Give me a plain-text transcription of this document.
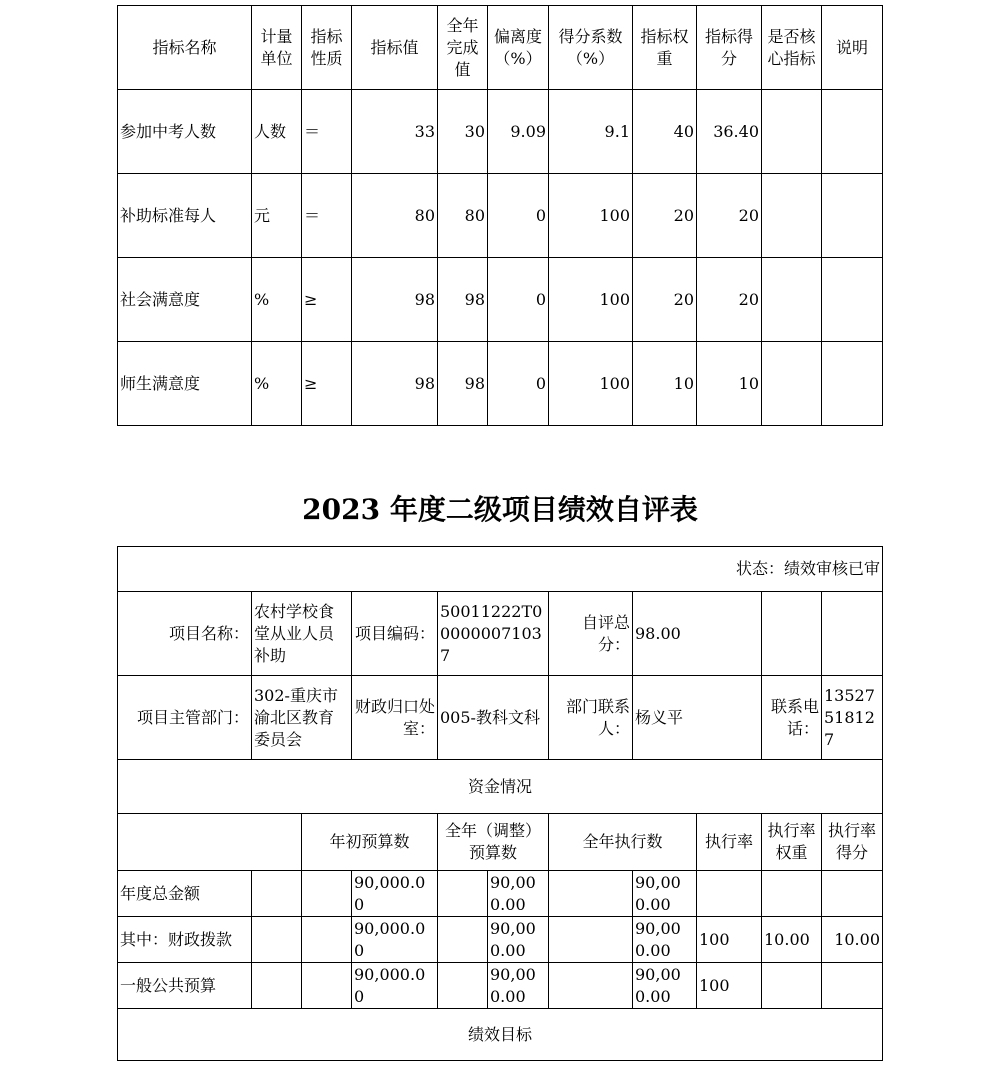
指标名称	计量单位	指标性质	指标值	全年完成值	偏离度（%）	得分系数（%）	指标权重	指标得分	是否核心指标	说明
参加中考人数	人数	＝	33	30	9.09	9.1	40	36.40		
补助标准每人	元	＝	80	80	0	100	20	20		
社会满意度	%	≥	98	98	0	100	20	20		
师生满意度	%	≥	98	98	0	100	10	10		
2023 年度二级项目绩效自评表
状态：绩效审核已审										
项目名称：	农村学校食堂从业人员补助		项目编码：	50011222T000000071037		自评总分：	98.00			
项目主管部门：	302-重庆市渝北区教育委员会		财政归口处室：	005-教科文科		部门联系人：	杨义平		联系电话：	13527518127
资金情况										
		年初预算数		全年（调整）预算数		全年执行数		执行率	执行率权重	执行率得分
年度总金额			90,000.00		90,000.00		90,000.00			
其中：财政拨款			90,000.00		90,000.00		90,000.00	100	10.00	10.00
一般公共预算			90,000.00		90,000.00		90,000.00	100		
绩效目标										
